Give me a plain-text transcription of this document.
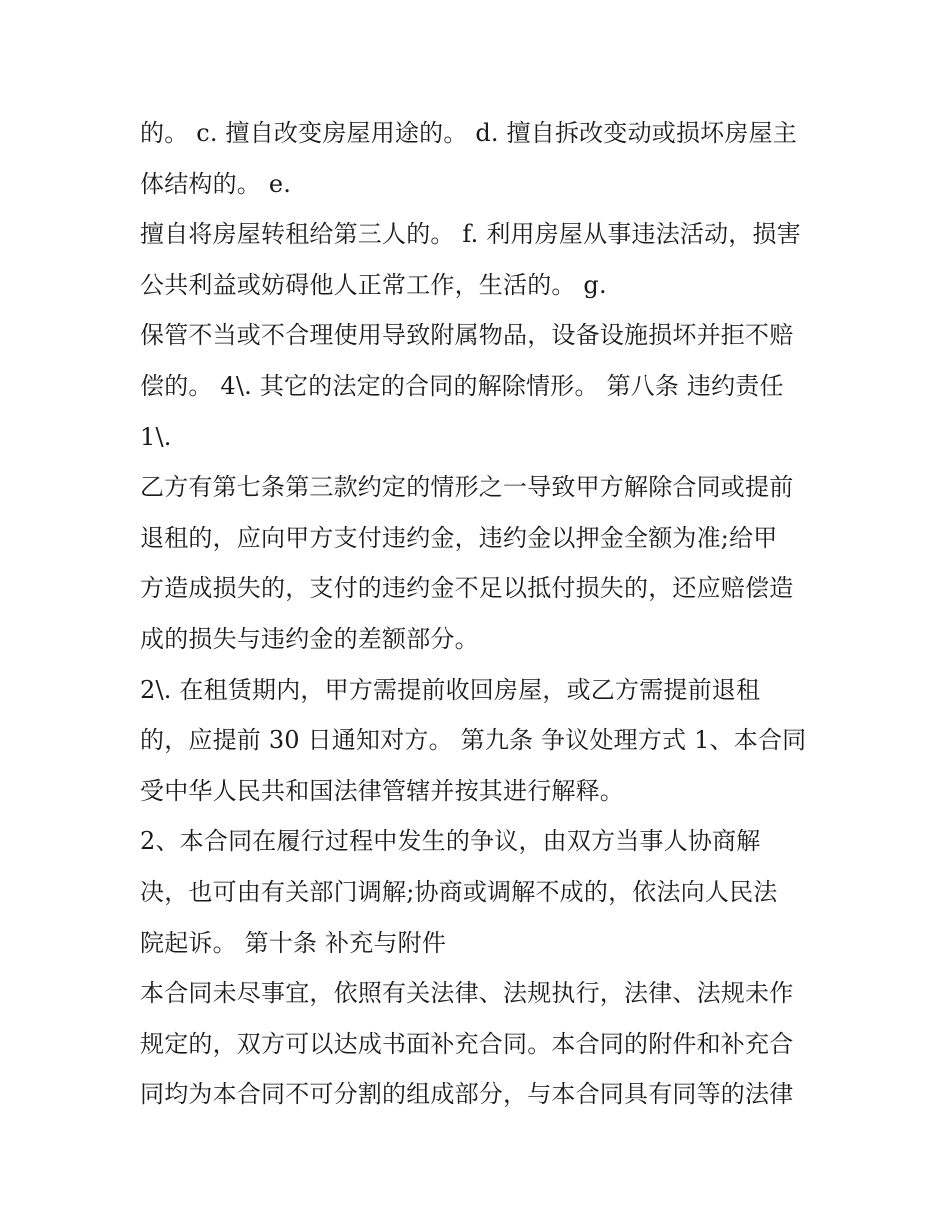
的。 c. 擅自改变房屋用途的。 d. 擅自拆改变动或损坏房屋主
体结构的。 e.
擅自将房屋转租给第三人的。 f. 利用房屋从事违法活动，损害
公共利益或妨碍他人正常工作，生活的。 g.
保管不当或不合理使用导致附属物品，设备设施损坏并拒不赔
偿的。 4\. 其它的法定的合同的解除情形。 第八条 违约责任
1\.
乙方有第七条第三款约定的情形之一导致甲方解除合同或提前
退租的，应向甲方支付违约金，违约金以押金全额为准;给甲
方造成损失的，支付的违约金不足以抵付损失的，还应赔偿造
成的损失与违约金的差额部分。
2\. 在租赁期内，甲方需提前收回房屋，或乙方需提前退租
的，应提前 30 日通知对方。 第九条 争议处理方式 1、本合同
受中华人民共和国法律管辖并按其进行解释。
2、本合同在履行过程中发生的争议，由双方当事人协商解
决，也可由有关部门调解;协商或调解不成的，依法向人民法
院起诉。 第十条 补充与附件
本合同未尽事宜，依照有关法律、法规执行，法律、法规未作
规定的，双方可以达成书面补充合同。本合同的附件和补充合
同均为本合同不可分割的组成部分，与本合同具有同等的法律
